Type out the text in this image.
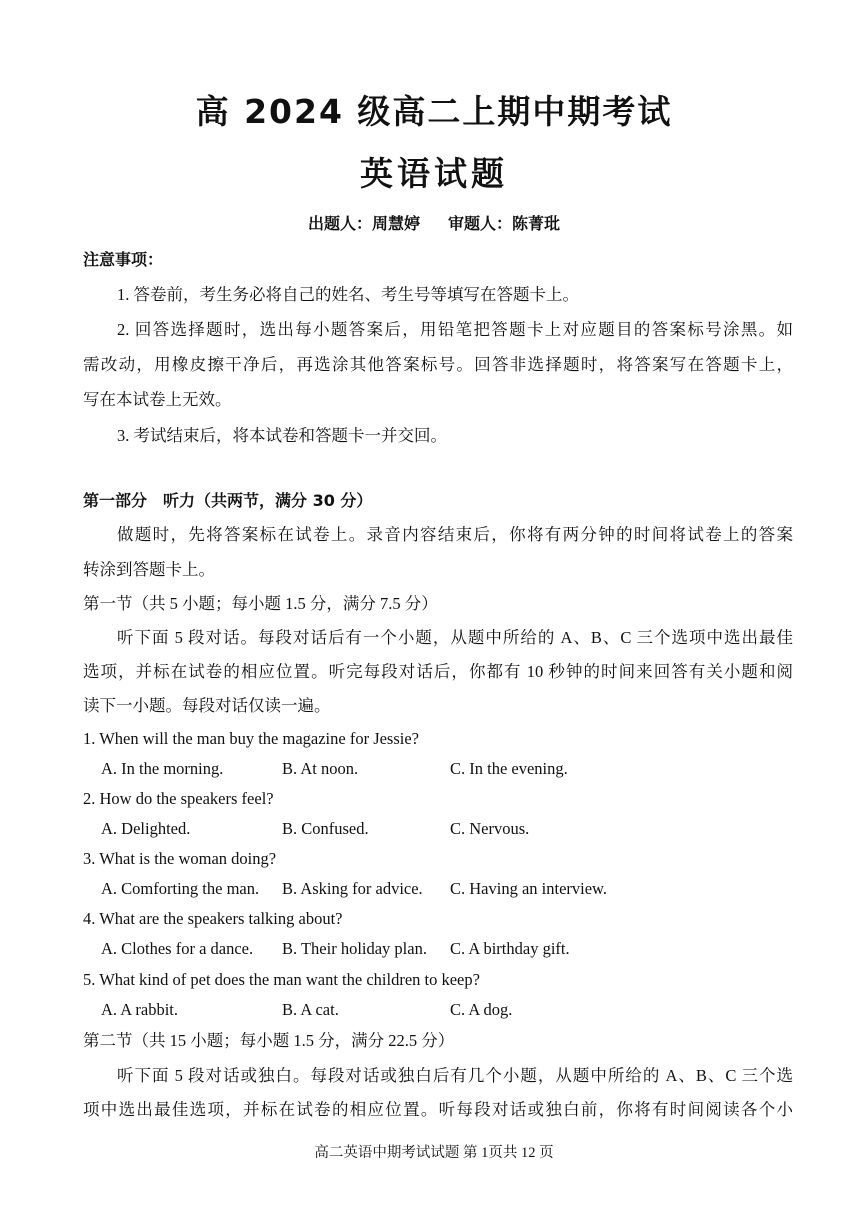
高 2024 级高二上期中期考试
英语试题
出题人：周慧婷 审题人：陈菁玭
注意事项：
1. 答卷前，考生务必将自己的姓名、考生号等填写在答题卡上。
2. 回答选择题时，选出每小题答案后，用铅笔把答题卡上对应题目的答案标号涂黑。如
需改动，用橡皮擦干净后，再选涂其他答案标号。回答非选择题时，将答案写在答题卡上，
写在本试卷上无效。
3. 考试结束后，将本试卷和答题卡一并交回。
第一部分　听力（共两节，满分 30 分）
做题时，先将答案标在试卷上。录音内容结束后，你将有两分钟的时间将试卷上的答案
转涂到答题卡上。
第一节（共 5 小题；每小题 1.5 分，满分 7.5 分）
听下面 5 段对话。每段对话后有一个小题，从题中所给的 A、B、C 三个选项中选出最佳
选项，并标在试卷的相应位置。听完每段对话后，你都有 10 秒钟的时间来回答有关小题和阅
读下一小题。每段对话仅读一遍。
1. When will the man buy the magazine for Jessie?
A. In the morning.	B. At noon.	C. In the evening.
2. How do the speakers feel?
A. Delighted.	B. Confused.	C. Nervous.
3. What is the woman doing?
A. Comforting the man. B. Asking for advice. C. Having an interview.
4. What are the speakers talking about?
A. Clothes for a dance. B. Their holiday plan. C. A birthday gift.
5. What kind of pet does the man want the children to keep?
A. A rabbit.	B. A cat.	C. A dog.
第二节（共 15 小题；每小题 1.5 分，满分 22.5 分）
听下面 5 段对话或独白。每段对话或独白后有几个小题，从题中所给的 A、B、C 三个选
项中选出最佳选项，并标在试卷的相应位置。听每段对话或独白前，你将有时间阅读各个小
高二英语中期考试试题 第 1页共 12 页
